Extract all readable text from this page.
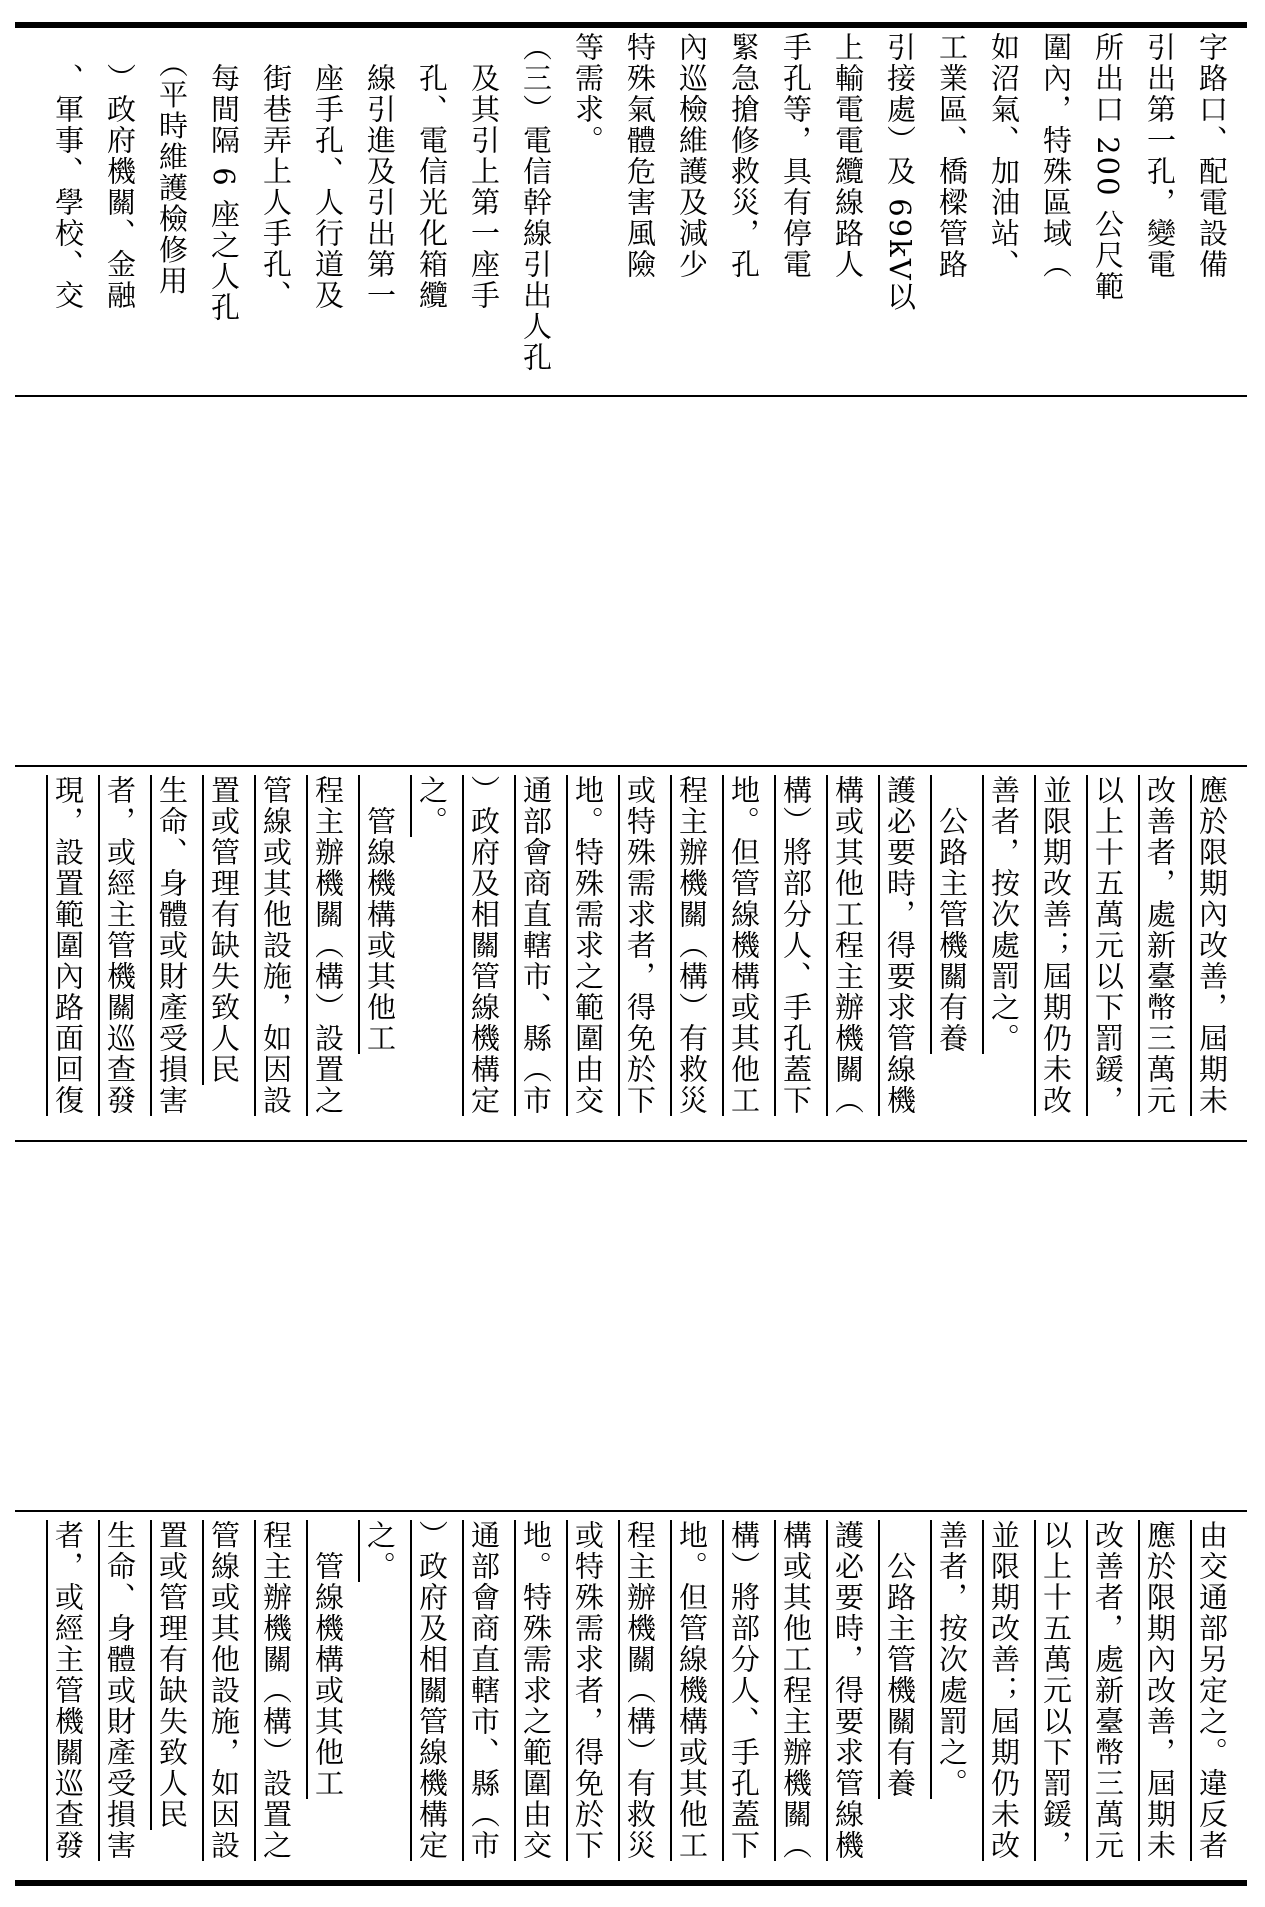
字路口、配電設備
引出第一孔，變電
所出口 200 公尺範
圍內，特殊區域（
如沼氣、加油站、
工業區、橋樑管路
引接處）及 69kV以
上輸電電纜線路人
手孔等，具有停電
緊急搶修救災，孔
內巡檢維護及減少
特殊氣體危害風險
等需求。
（三）電信幹線引出人孔
　及其引上第一座手
　孔、電信光化箱纜
　線引進及引出第一
　座手孔、人行道及
　街巷弄上人手孔、
　每間隔 6 座之人孔
　（平時維護檢修用
　）政府機關、金融
　、軍事、學校、交
應於限期內改善，屆期未
改善者，處新臺幣三萬元
以上十五萬元以下罰鍰，
並限期改善；屆期仍未改
善者，按次處罰之。
　公路主管機關有養
護必要時，得要求管線機
構或其他工程主辦機關（
構）將部分人、手孔蓋下
地。但管線機構或其他工
程主辦機關（構）有救災
或特殊需求者，得免於下
地。特殊需求之範圍由交
通部會商直轄市、縣（市
）政府及相關管線機構定
之。
　管線機構或其他工
程主辦機關（構）設置之
管線或其他設施，如因設
置或管理有缺失致人民
生命、身體或財產受損害
者，或經主管機關巡查發
現，設置範圍內路面回復
由交通部另定之。違反者
應於限期內改善，屆期未
改善者，處新臺幣三萬元
以上十五萬元以下罰鍰，
並限期改善；屆期仍未改
善者，按次處罰之。
　公路主管機關有養
護必要時，得要求管線機
構或其他工程主辦機關（
構）將部分人、手孔蓋下
地。但管線機構或其他工
程主辦機關（構）有救災
或特殊需求者，得免於下
地。特殊需求之範圍由交
通部會商直轄市、縣（市
）政府及相關管線機構定
之。
　管線機構或其他工
程主辦機關（構）設置之
管線或其他設施，如因設
置或管理有缺失致人民
生命、身體或財產受損害
者，或經主管機關巡查發
